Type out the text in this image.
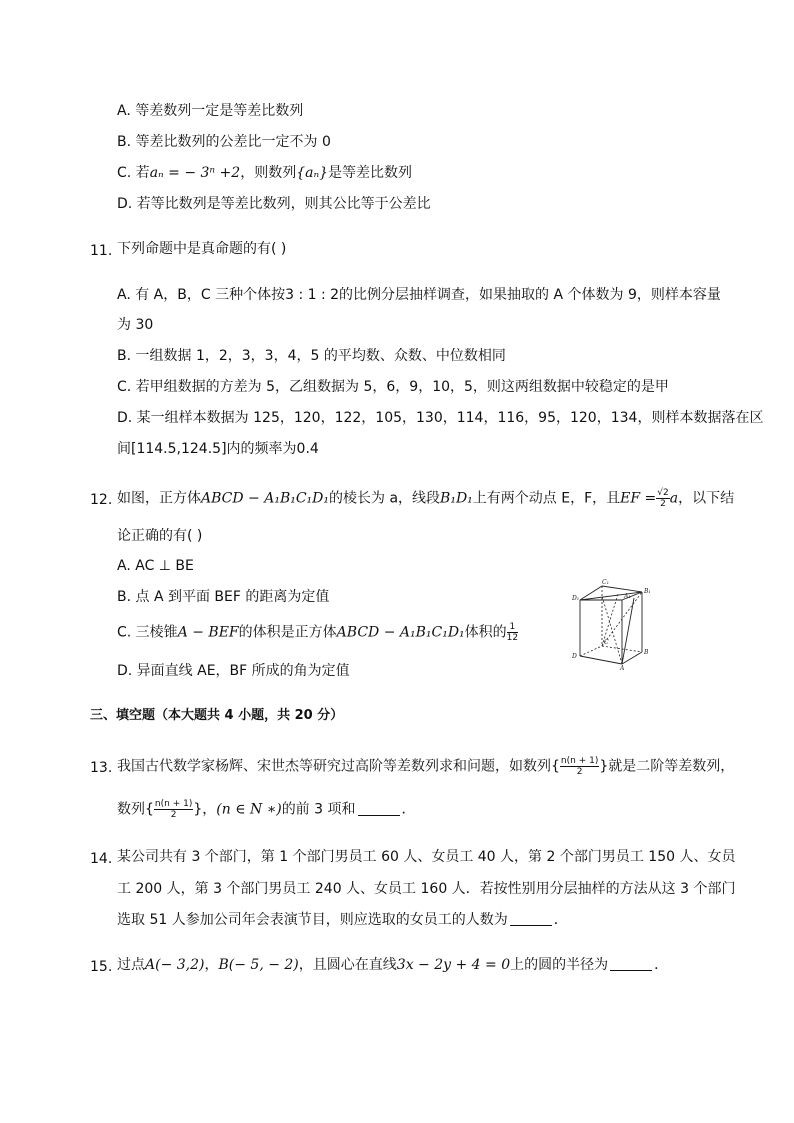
A. 等差数列一定是等差比数列
B. 等差比数列的公差比一定不为 0
C. 若aₙ = − 3ⁿ +2，则数列{aₙ}是等差比数列
D. 若等比数列是等差比数列，则其公比等于公差比
11. 下列命题中是真命题的有( )
A. 有 A，B，C 三种个体按3 : 1 : 2的比例分层抽样调查，如果抽取的 A 个体数为 9，则样本容量
为 30
B. 一组数据 1，2，3，3，4，5 的平均数、众数、中位数相同
C. 若甲组数据的方差为 5，乙组数据为 5，6，9，10，5，则这两组数据中较稳定的是甲
D. 某一组样本数据为 125，120，122，105，130，114，116，95，120，134，则样本数据落在区
间[114.5,124.5]内的频率为0.4
12. 如图，正方体ABCD − A₁B₁C₁D₁的棱长为 a，线段B₁D₁上有两个动点 E，F，且EF = $\frac{√2}{2}$ a，以下结
论正确的有( )
A. AC ⊥ BE
B. 点 A 到平面 BEF 的距离为定值
C. 三棱锥A − BEF的体积是正方体ABCD − A₁B₁C₁D₁体积的 $\frac{1}{12}$
D. 异面直线 AE，BF 所成的角为定值
D₁
C₁
B₁
A₁
D
C
A
B
三、填空题（本大题共 4 小题，共 20 分）
13. 我国古代数学家杨辉、宋世杰等研究过高阶等差数列求和问题，如数列{ $\frac{n(n + 1)}{2}$ }就是二阶等差数列，
数列{ $\frac{n(n + 1)}{2}$ }，(n ∈ N ∗)的前 3 项和	．
14. 某公司共有 3 个部门，第 1 个部门男员工 60 人、女员工 40 人，第 2 个部门男员工 150 人、女员
工 200 人，第 3 个部门男员工 240 人、女员工 160 人．若按性别用分层抽样的方法从这 3 个部门
选取 51 人参加公司年会表演节目，则应选取的女员工的人数为	．
15. 过点A(− 3,2)，B(− 5, − 2)，且圆心在直线3x − 2y + 4 = 0上的圆的半径为	．
